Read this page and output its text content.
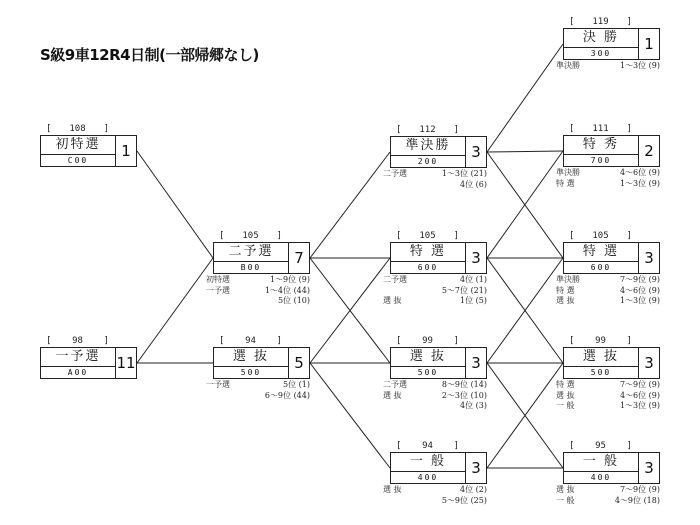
S級9車12R4日制(一部帰郷なし)
[ 108 ]
初特選
C00
1
[ 98 ]
一予選
A00
11
[ 105 ]
二予選
B00
7
初特選	1～9位 (9)
一予選	1～4位 (44)
5位 (10)
[ 94 ]
選 抜
500
5
一予選	5位 (1)
6～9位 (44)
[ 112 ]
準決勝
200
3
二予選	1～3位 (21)
4位 (6)
[ 105 ]
特 選
600
3
二予選	4位 (1)
5～7位 (21)
選 抜	1位 (5)
[ 99 ]
選 抜
500
3
二予選	8～9位 (14)
選 抜	2～3位 (10)
4位 (3)
[ 94 ]
一 般
400
3
選 抜	4位 (2)
5～9位 (25)
[ 119 ]
決 勝
300
1
準決勝	1～3位 (9)
[ 111 ]
特 秀
700
2
準決勝	4～6位 (9)
特 選	1～3位 (9)
[ 105 ]
特 選
600
3
準決勝	7～9位 (9)
特 選	4～6位 (9)
選 抜	1～3位 (9)
[ 99 ]
選 抜
500
3
特 選	7～9位 (9)
選 抜	4～6位 (9)
一 般	1～3位 (9)
[ 95 ]
一 般
400
3
選 抜	7～9位 (9)
一 般	4～9位 (18)
